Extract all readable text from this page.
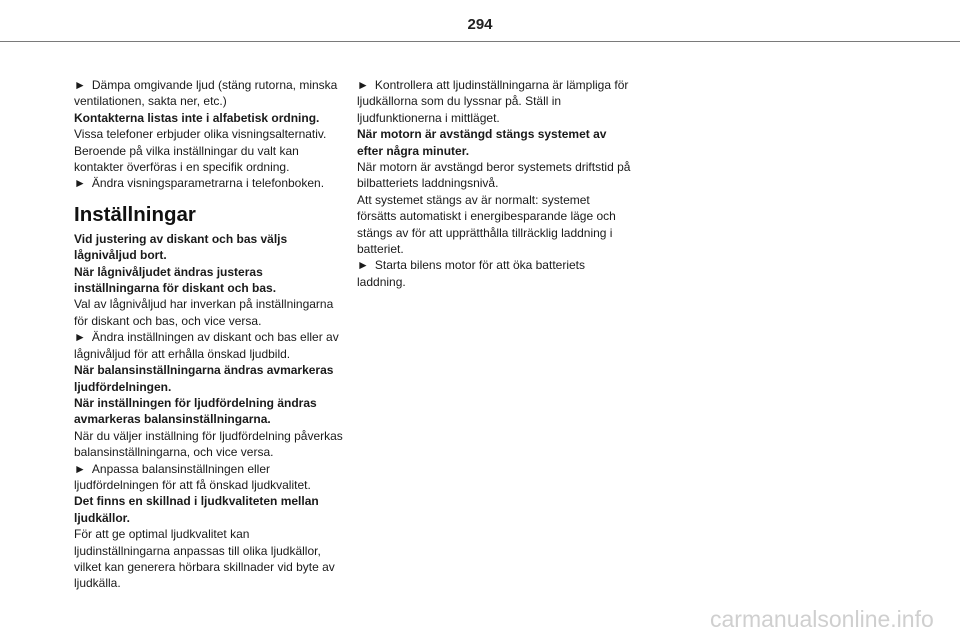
294

► Dämpa omgivande ljud (stäng rutorna, minska ventilationen, sakta ner, etc.)

Kontakterna listas inte i alfabetisk ordning.

Vissa telefoner erbjuder olika visningsalternativ. Beroende på vilka inställningar du valt kan kontakter överföras i en specifik ordning.

► Ändra visningsparametrarna i telefonboken.

Inställningar

Vid justering av diskant och bas väljs lågnivåljud bort.

När lågnivåljudet ändras justeras inställningarna för diskant och bas.

Val av lågnivåljud har inverkan på inställningarna för diskant och bas, och vice versa.

► Ändra inställningen av diskant och bas eller av lågnivåljud för att erhålla önskad ljudbild.

När balansinställningarna ändras avmarkeras ljudfördelningen.

När inställningen för ljudfördelning ändras avmarkeras balansinställningarna.

När du väljer inställning för ljudfördelning påverkas balansinställningarna, och vice versa.

► Anpassa balansinställningen eller ljudfördelningen för att få önskad ljudkvalitet.

Det finns en skillnad i ljudkvaliteten mellan ljudkällor.

För att ge optimal ljudkvalitet kan ljudinställningarna anpassas till olika ljudkällor, vilket kan generera hörbara skillnader vid byte av ljudkälla.

► Kontrollera att ljudinställningarna är lämpliga för ljudkällorna som du lyssnar på. Ställ in ljudfunktionerna i mittläget.

När motorn är avstängd stängs systemet av efter några minuter.

När motorn är avstängd beror systemets driftstid på bilbatteriets laddningsnivå.

Att systemet stängs av är normalt: systemet försätts automatiskt i energibesparande läge och stängs av för att upprätthålla tillräcklig laddning i batteriet.

► Starta bilens motor för att öka batteriets laddning.

carmanualsonline.info
